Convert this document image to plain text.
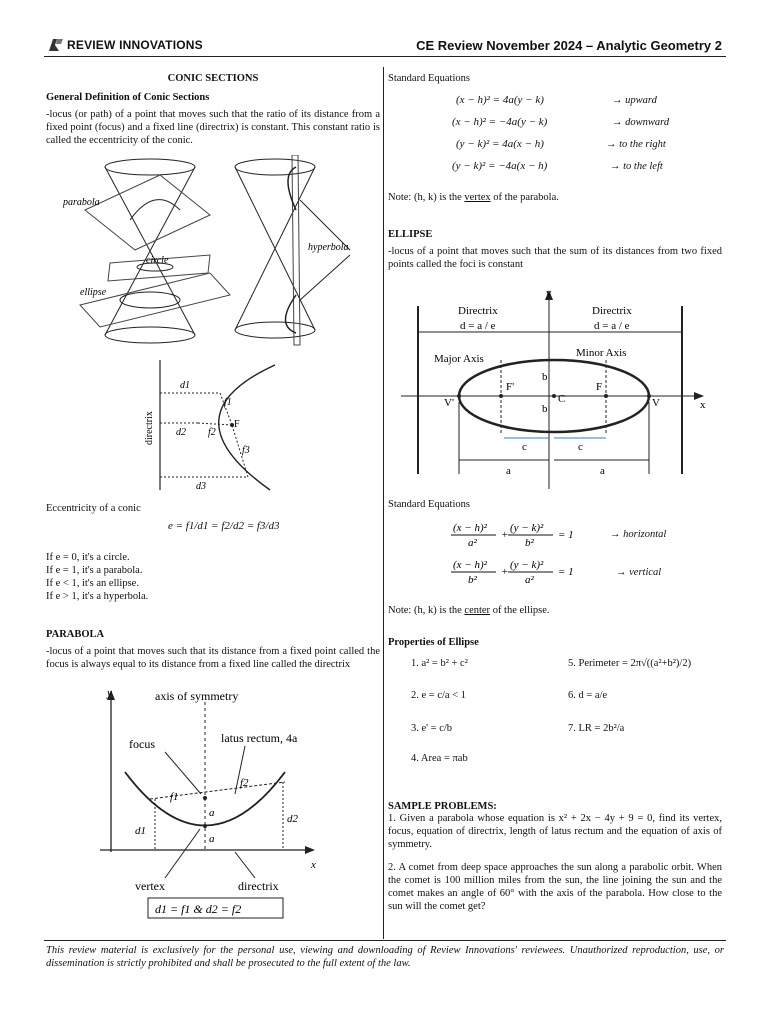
REVIEW INNOVATIONS	CE Review November 2024 – Analytic Geometry 2
CONIC SECTIONS
General Definition of Conic Sections
-locus (or path) of a point that moves such that the ratio of its distance from a fixed point (focus) and a fixed line (directrix) is constant. This constant ratio is called the eccentricity of the conic.
parabola
circle
ellipse
hyperbola
directrix
d1
d2
d3
f1
f2
f3
F
Eccentricity of a conic
e = f1/d1 = f2/d2 = f3/d3
If e = 0, it's a circle.
If e = 1, it's a parabola.
If e < 1, it's an ellipse.
If e > 1, it's a hyperbola.
PARABOLA
-locus of a point that moves such that its distance from a fixed point called the focus is always equal to its distance from a fixed line called the directrix
y
x
axis of symmetry
focus	latus rectum, 4a
f1
f2
d1
d2
a
a
vertex	directrix
d1 = f1 & d2 = f2
Standard Equations
(x − h)² = 4a(y − k)	→ upward
(x − h)² = −4a(y − k)	→ downward
(y − k)² = 4a(x − h)	→ to the right
(y − k)² = −4a(x − h)	→ to the left
Note: (h, k) is the vertex of the parabola.
ELLIPSE
-locus of a point that moves such that the sum of its distances from two fixed points called the foci is constant
y
x
Directrix	Directrix
d = a / e	d = a / e
Major Axis	Minor Axis
b
b
F'	F
V'	V
C
c	c
a	a
Standard Equations
(x − h)²
a²
+
(y − k)²
b²
= 1
(x − h)²
b²
+
(y − k)²
a²
= 1
→ horizontal
→ vertical
Note: (h, k) is the center of the ellipse.
Properties of Ellipse
1. a² = b² + c²
2. e = c/a < 1
3. e' = c/b
4. Area = πab
5. Perimeter = 2π√((a²+b²)/2)
6. d = a/e
7. LR = 2b²/a
SAMPLE PROBLEMS:
1. Given a parabola whose equation is x² + 2x − 4y + 9 = 0, find its vertex, focus, equation of directrix, length of latus rectum and the equation of axis of symmetry.
2. A comet from deep space approaches the sun along a parabolic orbit. When the comet is 100 million miles from the sun, the line joining the sun and the comet makes an angle of 60° with the axis of the parabola. How close to the sun will the comet get?
This review material is exclusively for the personal use, viewing and downloading of Review Innovations' reviewees. Unauthorized reproduction, use, or dissemination is strictly prohibited and shall be prosecuted to the full extent of the law.
